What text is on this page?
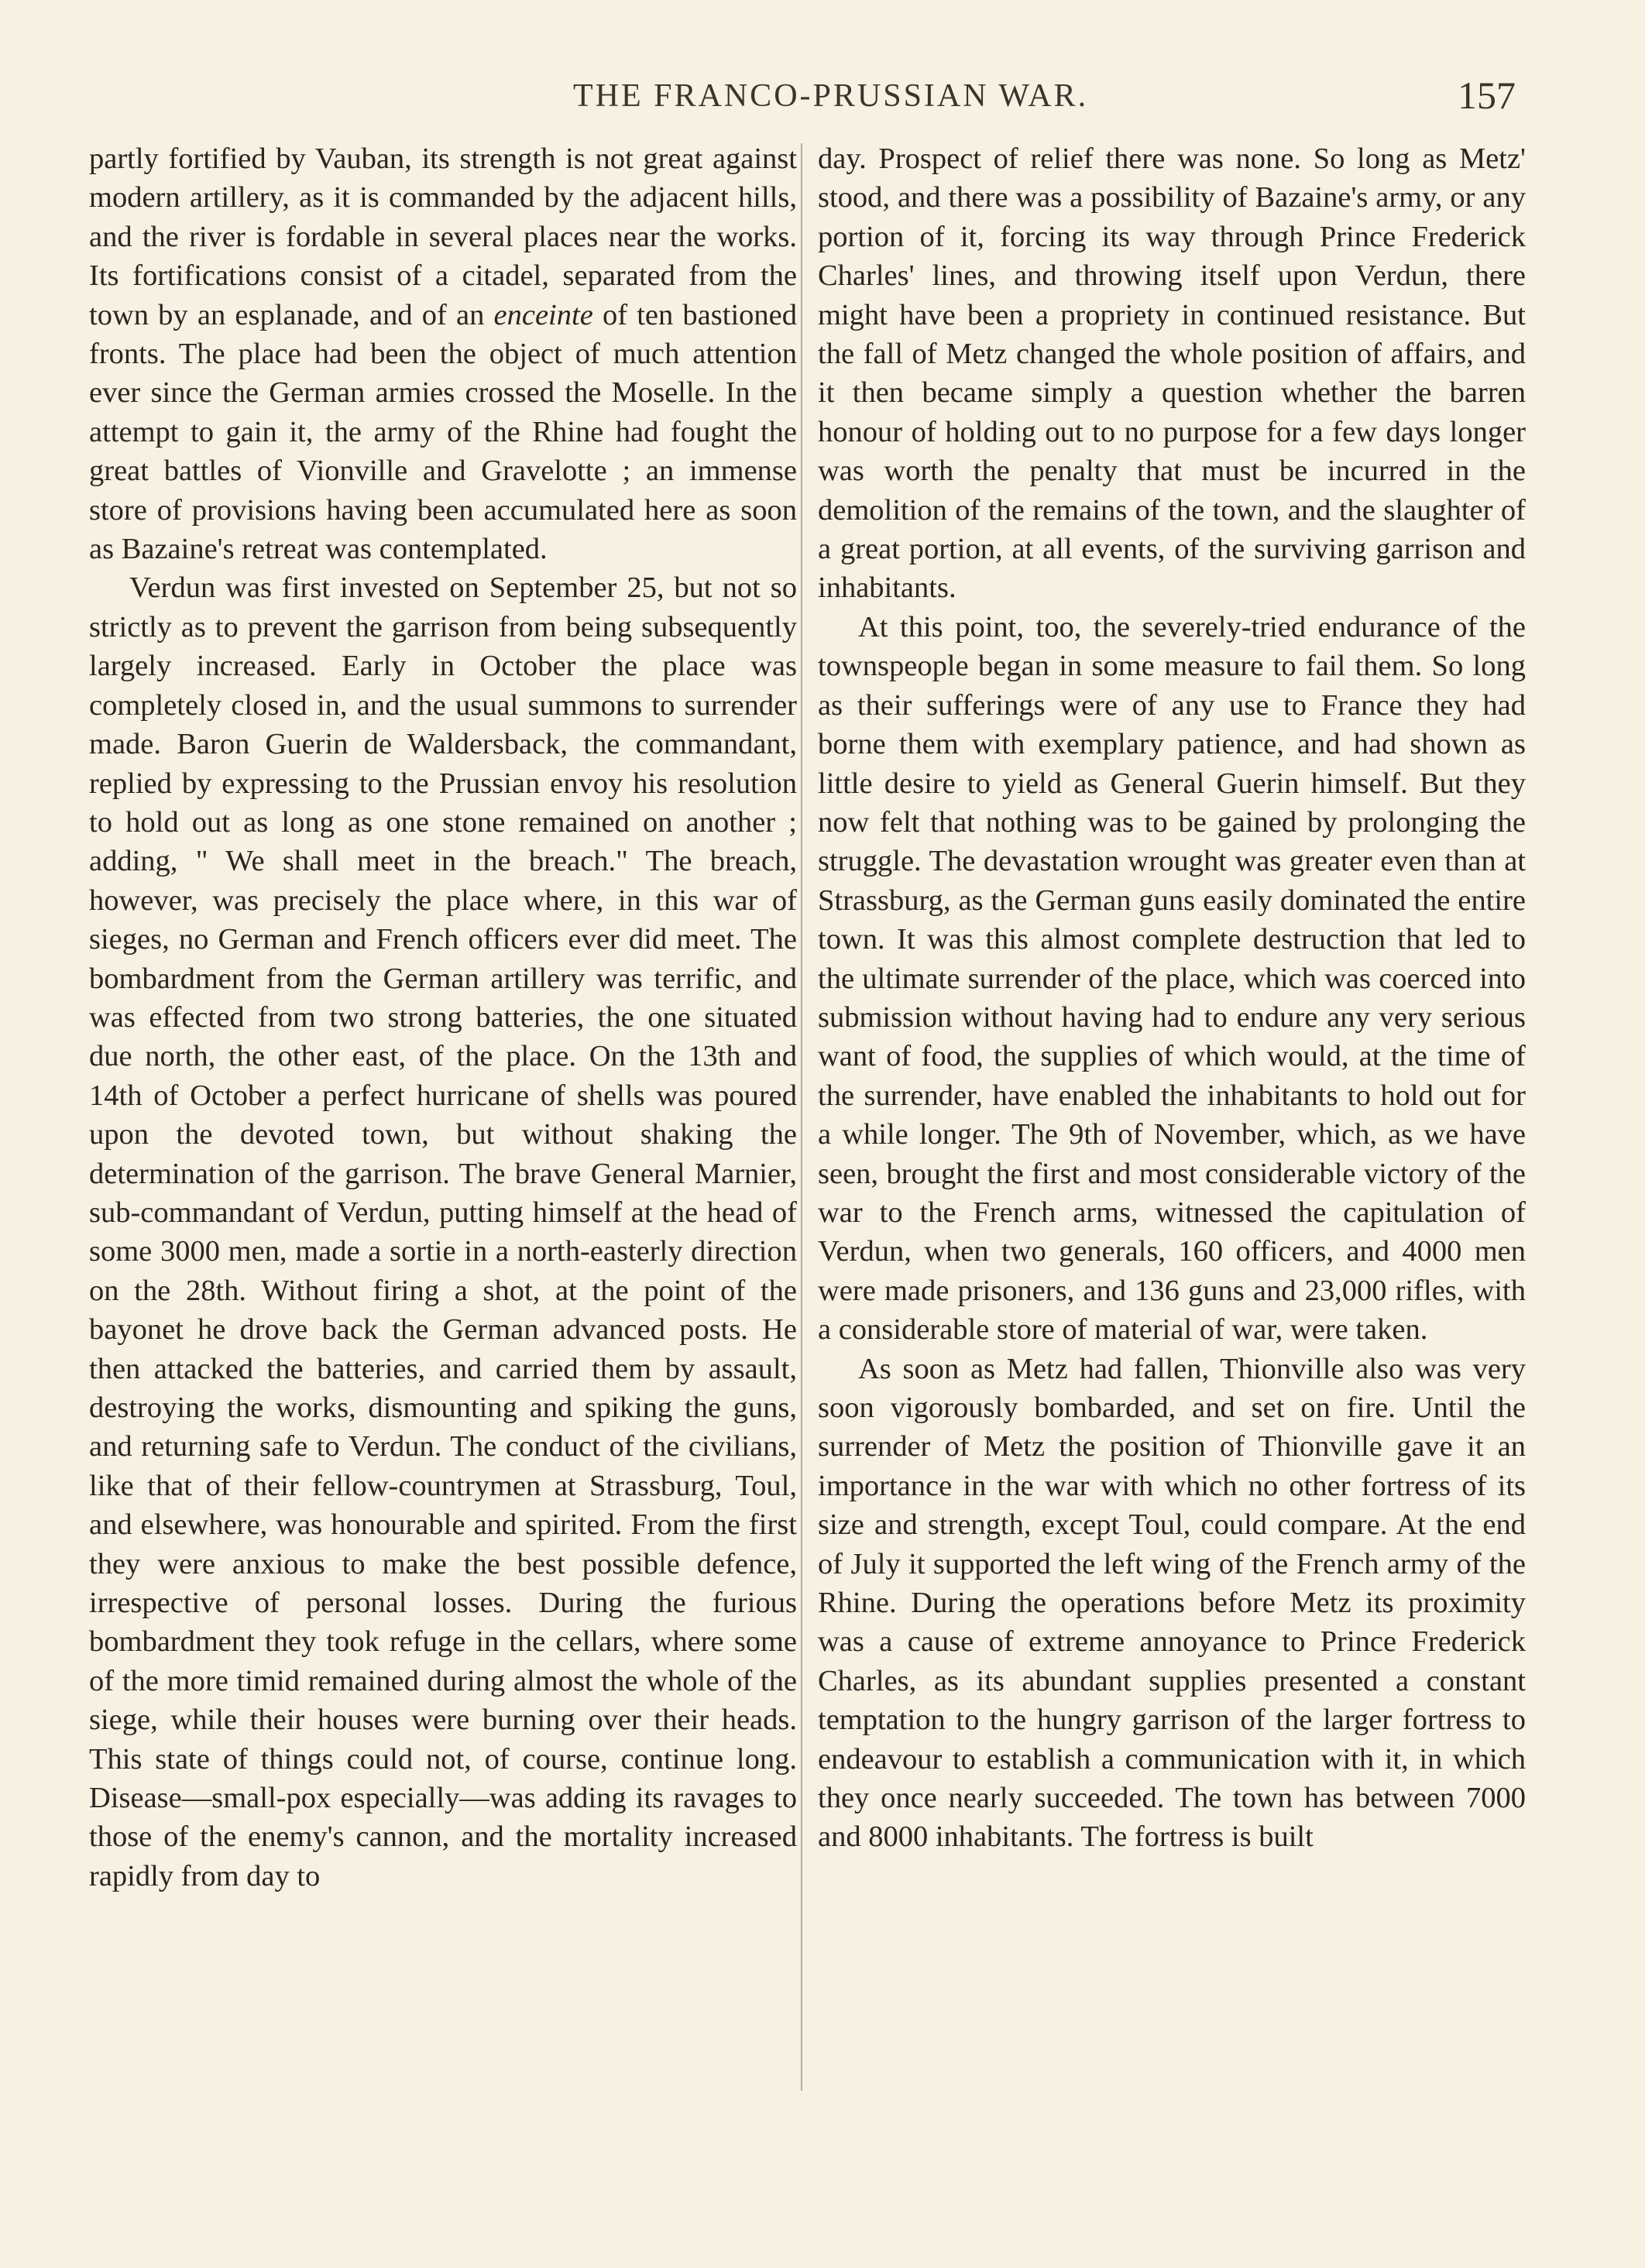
THE FRANCO-PRUSSIAN WAR.	157

partly fortified by Vauban, its strength is not great against modern artillery, as it is commanded by the adjacent hills, and the river is fordable in several places near the works. Its fortifications consist of a citadel, separated from the town by an esplanade, and of an enceinte of ten bastioned fronts. The place had been the object of much attention ever since the German armies crossed the Moselle. In the attempt to gain it, the army of the Rhine had fought the great battles of Vionville and Gravelotte ; an immense store of provisions having been accumulated here as soon as Bazaine's retreat was contemplated.

Verdun was first invested on September 25, but not so strictly as to prevent the garrison from being subsequently largely increased. Early in October the place was completely closed in, and the usual summons to surrender made. Baron Guerin de Waldersback, the commandant, replied by expressing to the Prussian envoy his resolution to hold out as long as one stone remained on another ; adding, " We shall meet in the breach." The breach, however, was precisely the place where, in this war of sieges, no German and French officers ever did meet. The bombardment from the German artillery was terrific, and was effected from two strong batteries, the one situated due north, the other east, of the place. On the 13th and 14th of October a perfect hurricane of shells was poured upon the devoted town, but without shaking the determination of the garrison. The brave General Marnier, sub-commandant of Verdun, putting himself at the head of some 3000 men, made a sortie in a north-easterly direction on the 28th. Without firing a shot, at the point of the bayonet he drove back the German advanced posts. He then attacked the batteries, and carried them by assault, destroying the works, dismounting and spiking the guns, and returning safe to Verdun. The conduct of the civilians, like that of their fellow-countrymen at Strassburg, Toul, and elsewhere, was honourable and spirited. From the first they were anxious to make the best possible defence, irrespective of personal losses. During the furious bombardment they took refuge in the cellars, where some of the more timid remained during almost the whole of the siege, while their houses were burning over their heads. This state of things could not, of course, continue long. Disease—small-pox especially—was adding its ravages to those of the enemy's cannon, and the mortality increased rapidly from day to

day. Prospect of relief there was none. So long as Metz' stood, and there was a possibility of Bazaine's army, or any portion of it, forcing its way through Prince Frederick Charles' lines, and throwing itself upon Verdun, there might have been a propriety in continued resistance. But the fall of Metz changed the whole position of affairs, and it then became simply a question whether the barren honour of holding out to no purpose for a few days longer was worth the penalty that must be incurred in the demolition of the remains of the town, and the slaughter of a great portion, at all events, of the surviving garrison and inhabitants.

At this point, too, the severely-tried endurance of the townspeople began in some measure to fail them. So long as their sufferings were of any use to France they had borne them with exemplary patience, and had shown as little desire to yield as General Guerin himself. But they now felt that nothing was to be gained by prolonging the struggle. The devastation wrought was greater even than at Strassburg, as the German guns easily dominated the entire town. It was this almost complete destruction that led to the ultimate surrender of the place, which was coerced into submission without having had to endure any very serious want of food, the supplies of which would, at the time of the surrender, have enabled the inhabitants to hold out for a while longer. The 9th of November, which, as we have seen, brought the first and most considerable victory of the war to the French arms, witnessed the capitulation of Verdun, when two generals, 160 officers, and 4000 men were made prisoners, and 136 guns and 23,000 rifles, with a considerable store of material of war, were taken.

As soon as Metz had fallen, Thionville also was very soon vigorously bombarded, and set on fire. Until the surrender of Metz the position of Thionville gave it an importance in the war with which no other fortress of its size and strength, except Toul, could compare. At the end of July it supported the left wing of the French army of the Rhine. During the operations before Metz its proximity was a cause of extreme annoyance to Prince Frederick Charles, as its abundant supplies presented a constant temptation to the hungry garrison of the larger fortress to endeavour to establish a communication with it, in which they once nearly succeeded. The town has between 7000 and 8000 inhabitants. The fortress is built
